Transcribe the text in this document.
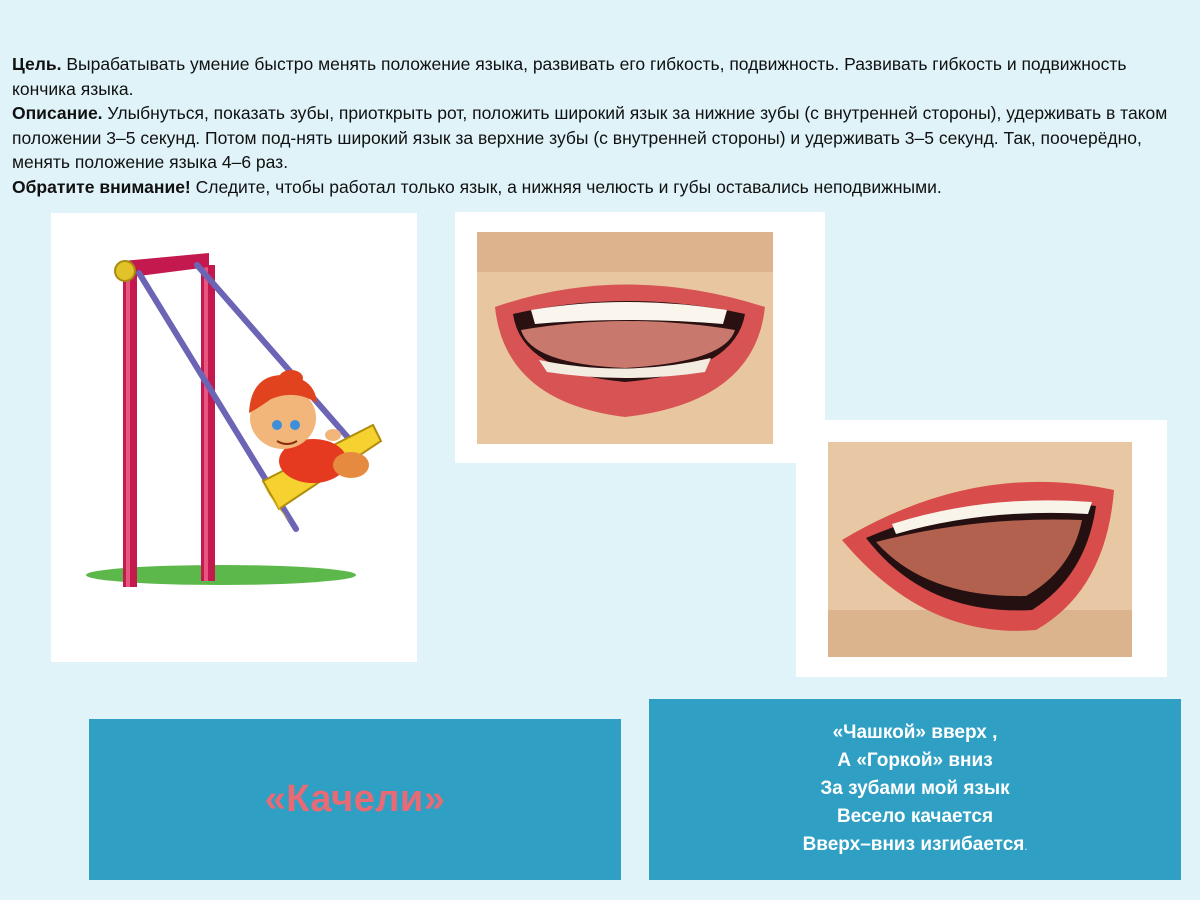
Цель. Вырабатывать умение быстро менять положение языка, развивать его гибкость, подвижность. Развивать гибкость и подвижность кончика языка.

Описание. Улыбнуться, показать зубы, приоткрыть рот, положить широкий язык за нижние зубы (с внутренней стороны), удерживать в таком положении 3–5 секунд. Потом под-нять широкий язык за верхние зубы (с внутренней стороны) и удерживать 3–5 секунд. Так, поочерёдно, менять положение языка 4–6 раз.

Обратите внимание! Следите, чтобы работал только язык, а нижняя челюсть и губы оставались неподвижными.

«Качели»
«Чашкой» вверх ,
А «Горкой» вниз
За зубами мой язык
Весело качается
Вверх–вниз изгибается.
